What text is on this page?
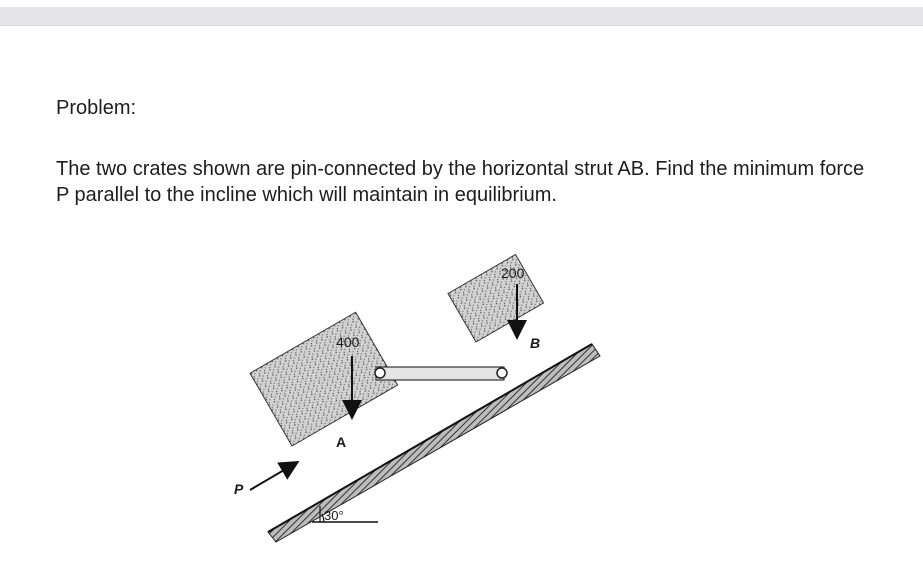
Problem:
The two crates shown are pin-connected by the horizontal strut AB. Find the minimum force P parallel to the incline which will maintain in equilibrium.
30°
A
B
400
200
P
